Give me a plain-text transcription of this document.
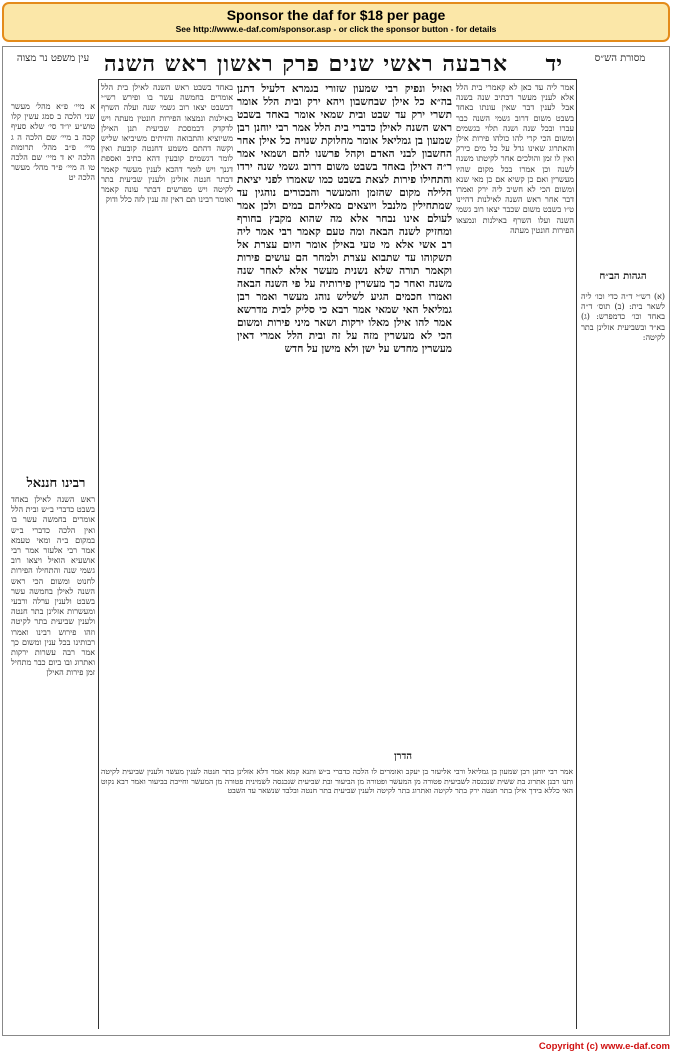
Sponsor the daf for $18 per page
See http://www.e-daf.com/sponsor.asp - or click the sponsor button - for details
ארבעה ראשי שנים פרק ראשון ראש השנה יד	מסורת הש״ס
עין משפט נר מצוה
באחד בשבט ראש השנה לאילן בית הלל אומרים בחמשה עשר בו ופירש רש״י דבשבט יצאו רוב גשמי שנה ועלה השרף באילנות ונמצאו הפירות חונטין מעתה ויש לדקדק דבמסכת שביעית תנן האילן משיוציא והתבואה והזיתים משיביאו שליש וקשה דהתם משמע דחנטה קובעת ואין לומר דגשמים קובעין דהא כתיב ואספת דגנך ויש לומר דהכא לענין מעשר קאמר דבתר חנטה אזלינן ולענין שביעית בתר לקיטה ויש מפרשים דבתר עונה קאמר ואומר רבינו תם דאין זה ענין לזה כלל ודוק
ואזיל ונפיק רבי שמעון שזורי בגמרא דלעיל דתנן בה״א כל אילן שבחשבון ויהא ירק ובית הלל אומר תשרי ירק עד שבט ובית שמאי אומר באחד בשבט ראש השנה לאילן כדברי בית הלל אמר רבי יוחנן רבן שמעון בן גמליאל אומר מחלוקת שנויה כל אילן אחר החשבון לבני האדם וקהל פרשנו להם ושמאי אמר ר״ה דאילן באחד בשבט משום דרוב גשמי שנה ירדו והתחילו פירות לצאת בשבט כמו שאמרו לפני יציאת הלילה מקום שהזמן והמעשר והבכורים נוהגין עד שמתחילין מלנבל ויוצאים מאליהם במים ולכן אמר לעולם אינו נבחר אלא מה שהוא מקבץ בחורף ומחזיק לשנה הבאה ומה טעם קאמר רבי אמר ליה רב אשי אלא מי טעי באילן אומר היום עצרת אל תשקוהו עד שתבוא עצרת ולמחר הם עושים פירות וקאמר תורה שלא נשנית מעשר אלא לאחר שנה משנה ואחר כך מעשרין פירותיה על פי השנה הבאה ואמרו חכמים הגיע לשליש נוהג מעשר ואמר רבן גמליאל האי שמאי אמר רבא כי סליק לבית מדרשא אמר להו אילן מאלו ירקות ושאר מיני פירות ומשום הכי לא מעשרין מזה על זה ובית הלל אמרי דאין מעשרין מחדש על ישן ולא מישן על חדש
אמר ליה עד כאן לא קאמרי בית הלל אלא לענין מעשר דכתיב שנה בשנה אבל לענין דבר שאין עונתו באחד בשבט משום דרוב גשמי השנה כבר עברו ובכל שנה ושנה תלוי בגשמים ומשום הכי קרי להו כולהו פירות אילן והאתרוג שאינו גדל על כל מים כירק ואין לו זמן והולכים אחר לקיטתו משנה לשנה וכן אמרו בכל מקום שהיו מעשרין ואם כן קשיא אם כן מאי שנא ומשום הכי לא חשיב ליה ירק ואמרו דבר אחר ראש השנה לאילנות דהיינו ט״ו בשבט משום שכבר יצאו רוב גשמי השנה ועלו השרף באילנות ונמצאו הפירות חונטין מעתה
הדרן
אמר רבי יוחנן רבן שמעון בן גמליאל ורבי אליעזר בן יעקב ואומרים לו הלכה כדברי ב״ש ותנא קמא אמר דלא אזלינן בתר חנטה לענין מעשר ולענין שביעית לקיטה ותנו רבנן אתרוג בת ששית שנכנסה לשביעית פטורה מן המעשר ופטורה מן הביעור ובת שביעית שנכנסה לשמינית פטורה מן המעשר וחייבת בביעור ואמר רבא נקוט האי כללא בידך אילן בתר חנטה ירק בתר לקיטה ואתרוג בתר לקיטה ולענין שביעית בתר חנטה ובלבד שנשאר עד השבט
א מיי׳ פ״א מהל׳ מעשר שני הלכה ב סמג עשין קלו טוש״ע יו״ד סי׳ שלא סעיף קכה ב מיי׳ שם הלכה ה ג מיי׳ פ״ב מהל׳ תרומות הלכה יא ד מיי׳ שם הלכה טו ה מיי׳ פ״ד מהל׳ מעשר הלכה יט
רבינו חננאל
ראש השנה לאילן באחד בשבט כדברי ב״ש ובית הלל אומרים בחמשה עשר בו ואין הלכה כדברי ב״ש במקום ב״ה ומאי טעמא אמר רבי אלעזר אמר רבי אושעיא הואיל ויצאו רוב גשמי שנה והתחילו הפירות לחנוט ומשום הכי ראש השנה לאילן בחמשה עשר בשבט ולענין ערלה ורבעי ומעשרות אזלינן בתר חנטה ולענין שביעית בתר לקיטה וזהו פירוש רבינו ואמרו רבותינו בכל ענין ומשום כך אמר רבה עשרות ירקות ואתרוג ובו ביום כבר מתחיל זמן פירות האילן
הגהות הב״ח
(א) רש״י ד״ה כדי וכו׳ ליה לשאר בית: (ב) תוס׳ ד״ה באחד וכו׳ כדמפרש: (ג) בא״ד ובשביעית אזלינן בתר לקיטה:
Copyright (c) www.e-daf.com
